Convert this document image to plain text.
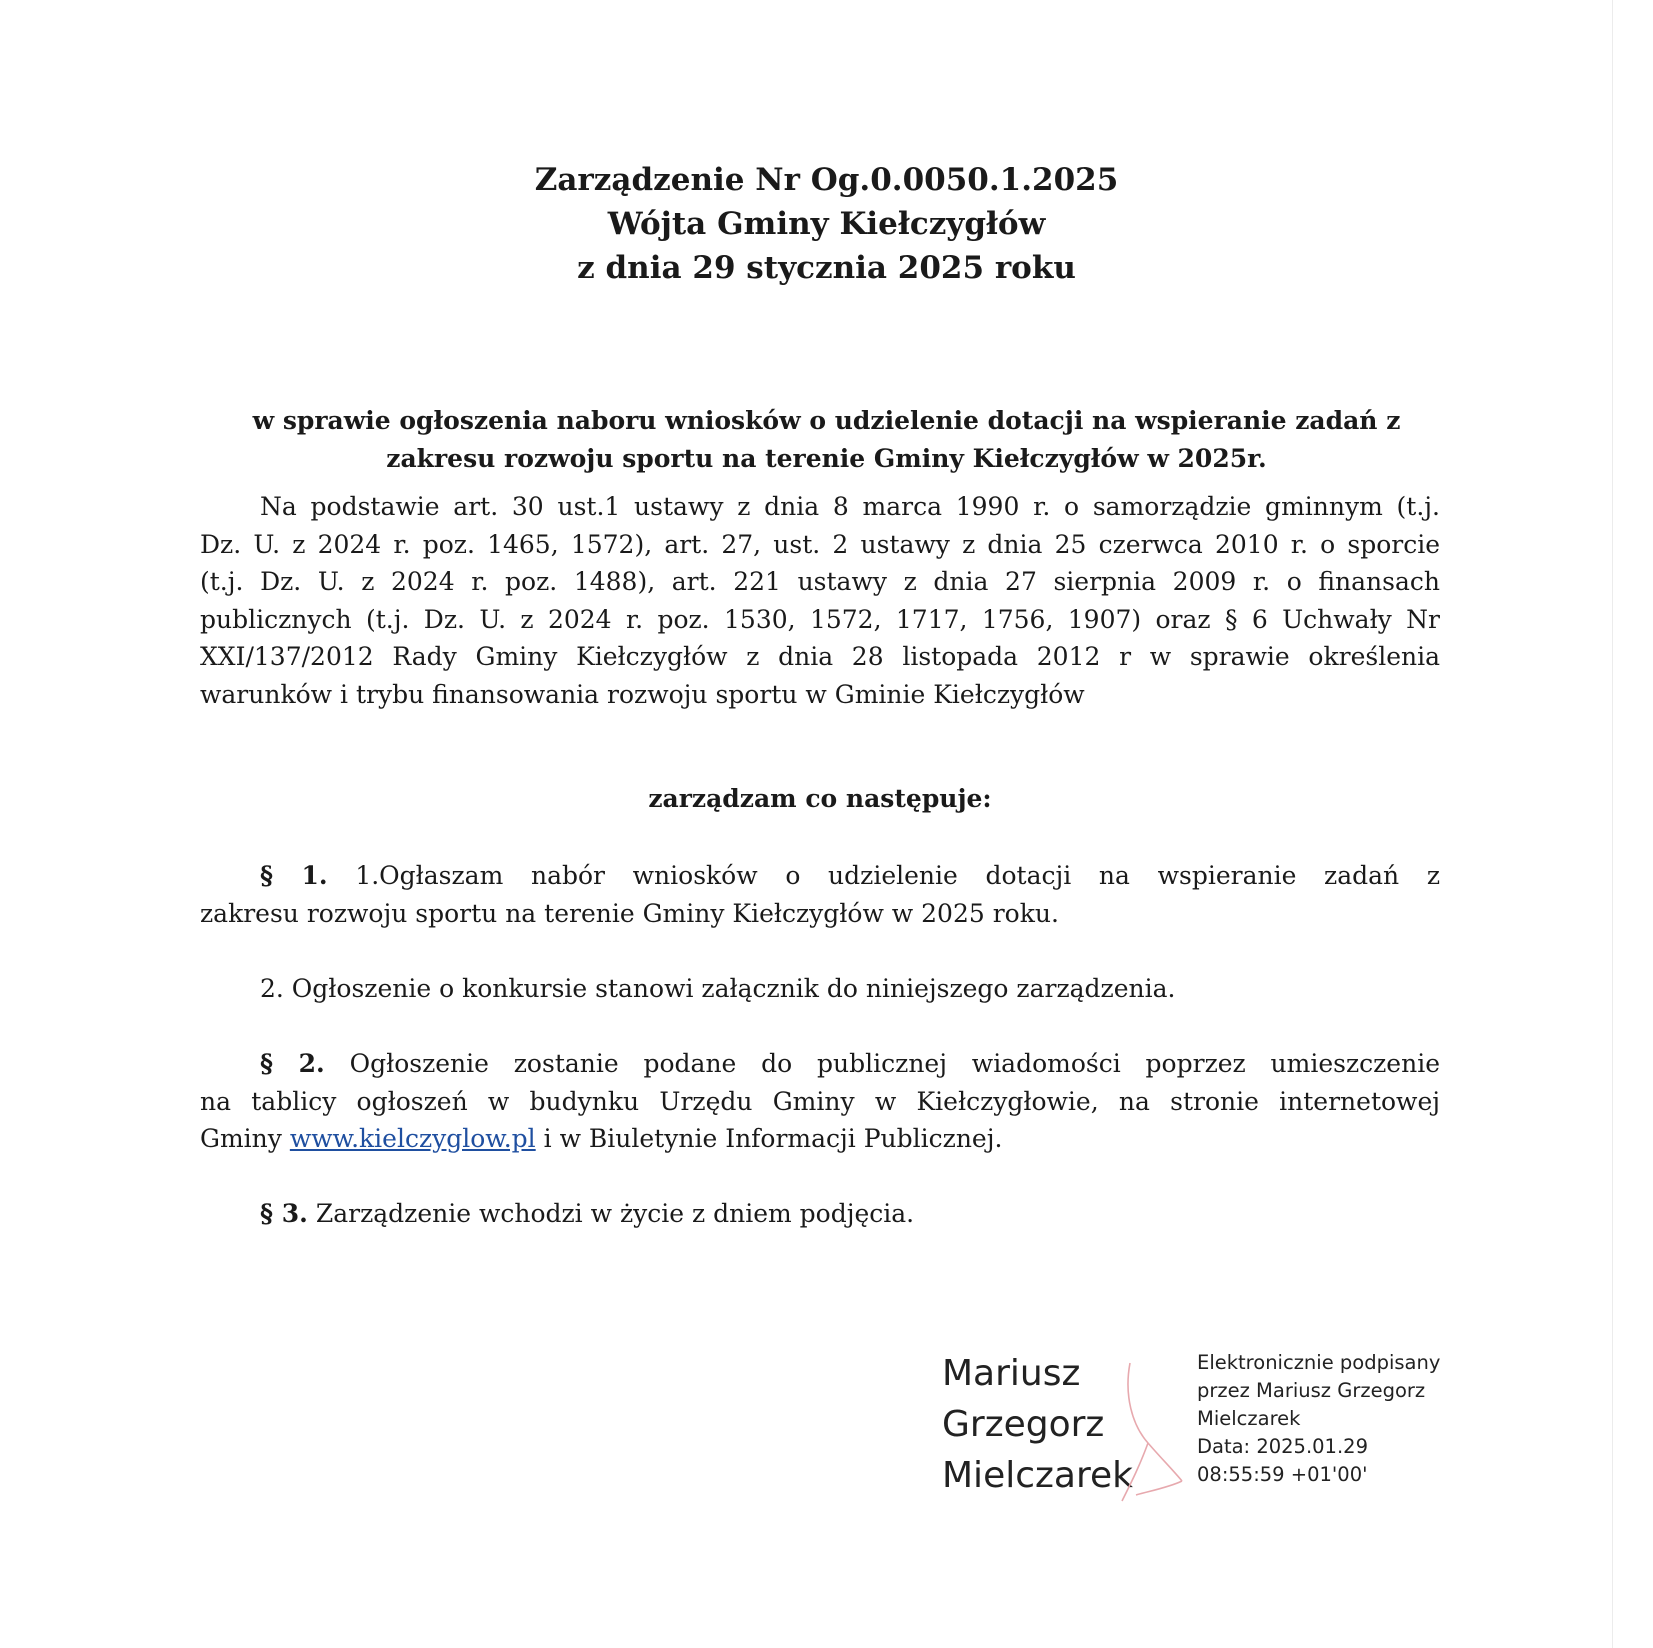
Zarządzenie Nr Og.0.0050.1.2025
Wójta Gminy Kiełczygłów
z dnia 29 stycznia 2025 roku
w sprawie ogłoszenia naboru wniosków o udzielenie dotacji na wspieranie zadań z
zakresu rozwoju sportu na terenie Gminy Kiełczygłów w 2025r.
Na podstawie art. 30 ust.1 ustawy z dnia 8 marca 1990 r. o samorządzie gminnym (t.j.
Dz. U. z 2024 r. poz. 1465, 1572), art. 27, ust. 2 ustawy z dnia 25 czerwca 2010 r. o sporcie
(t.j. Dz. U. z 2024 r. poz. 1488), art. 221 ustawy z dnia 27 sierpnia 2009 r. o finansach
publicznych (t.j. Dz. U. z 2024 r. poz. 1530, 1572, 1717, 1756, 1907) oraz § 6 Uchwały Nr
XXI/137/2012 Rady Gminy Kiełczygłów z dnia 28 listopada 2012 r w sprawie określenia
warunków i trybu finansowania rozwoju sportu w Gminie Kiełczygłów
zarządzam co następuje:
§ 1. 1.Ogłaszam nabór wniosków o udzielenie dotacji na wspieranie zadań z
zakresu rozwoju sportu na terenie Gminy Kiełczygłów w 2025 roku.
2. Ogłoszenie o konkursie stanowi załącznik do niniejszego zarządzenia.
§ 2. Ogłoszenie zostanie podane do publicznej wiadomości poprzez umieszczenie
na tablicy ogłoszeń w budynku Urzędu Gminy w Kiełczygłowie, na stronie internetowej
Gminy www.kielczyglow.pl i w Biuletynie Informacji Publicznej.
§ 3. Zarządzenie wchodzi w życie z dniem podjęcia.
Mariusz
Grzegorz
Mielczarek
Elektronicznie podpisany
przez Mariusz Grzegorz
Mielczarek
Data: 2025.01.29
08:55:59 +01'00'
